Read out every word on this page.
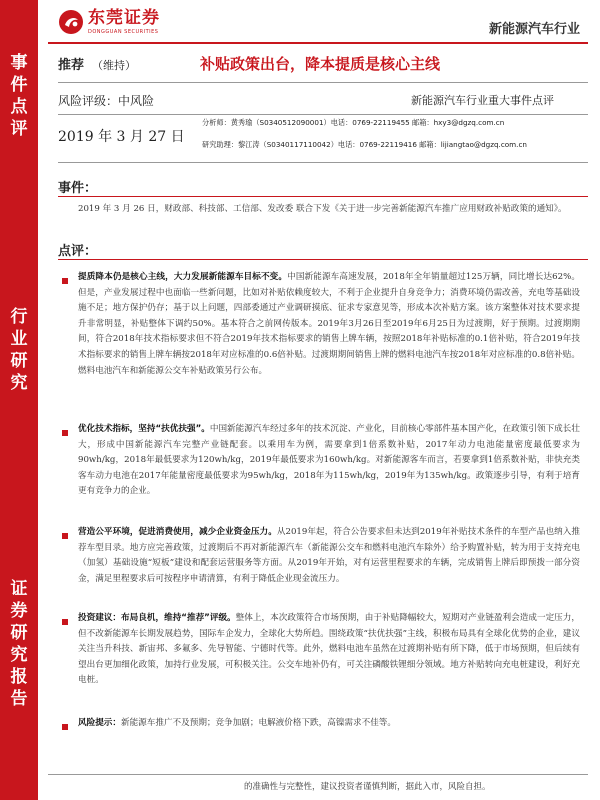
事
件
点
评
行
业
研
究
证
券
研
究
报
告
东莞证券
DONGGUAN SECURITIES	新能源汽车行业
推荐 （维持）	补贴政策出台，降本提质是核心主线
风险评级：中风险	新能源汽车行业重大事件点评
2019 年 3 月 27 日
分析师：黄秀瑜（S0340512090001）电话：0769-22119455 邮箱：hxy3@dgzq.com.cn
研究助理：黎江涛（S0340117110042）电话：0769-22119416 邮箱：lijiangtao@dgzq.com.cn
事件：
2019 年 3 月 26 日，财政部、科技部、工信部、发改委 联合下发《关于进一步完善新能源汽车推广应用财政补贴政策的通知》。
点评：
提质降本仍是核心主线，大力发展新能源车目标不变。中国新能源车高速发展，2018年全年销量超过125万辆，同比增长达62%。但是，产业发展过程中也面临一些新问题，比如对补贴依赖度较大，不利于企业提升自身竞争力；消费环境仍需改善，充电等基础设施不足；地方保护仍存；基于以上问题，四部委通过产业调研摸底、征求专家意见等，形成本次补贴方案。该方案整体对技术要求提升非常明显，补贴整体下调约50%。基本符合之前网传版本。2019年3月26日至2019年6月25日为过渡期，好于预期。过渡期期间，符合2018年技术指标要求但不符合2019年技术指标要求的销售上牌车辆，按照2018年补贴标准的0.1倍补贴，符合2019年技术指标要求的销售上牌车辆按2018年对应标准的0.6倍补贴。过渡期期间销售上牌的燃料电池汽车按2018年对应标准的0.8倍补贴。燃料电池汽车和新能源公交车补贴政策另行公布。
优化技术指标，坚持“扶优扶强”。中国新能源汽车经过多年的技术沉淀、产业化，目前核心零部件基本国产化，在政策引领下成长壮大，形成中国新能源汽车完整产业链配套。以乘用车为例，需要拿到1倍系数补贴，2017年动力电池能量密度最低要求为90wh/kg，2018年最低要求为120wh/kg，2019年最低要求为160wh/kg。对新能源客车而言，若要拿到1倍系数补贴，非快充类客车动力电池在2017年能量密度最低要求为95wh/kg，2018年为115wh/kg，2019年为135wh/kg。政策逐步引导，有利于培育更有竞争力的企业。
营造公平环境，促进消费使用，减少企业资金压力。从2019年起，符合公告要求但未达到2019年补贴技术条件的车型产品也纳入推荐车型目录。地方应完善政策，过渡期后不再对新能源汽车（新能源公交车和燃料电池汽车除外）给予购置补贴，转为用于支持充电（加氢）基础设施“短板”建设和配套运营服务等方面。从2019年开始，对有运营里程要求的车辆，完成销售上牌后即预拨一部分资金，满足里程要求后可按程序申请清算，有利于降低企业现金流压力。
投资建议：布局良机，维持“推荐”评级。整体上，本次政策符合市场预期，由于补贴降幅较大，短期对产业链盈利会造成一定压力，但不改新能源车长期发展趋势，国际车企发力，全球化大势所趋。围绕政策“扶优扶强”主线，积极布局具有全球化优势的企业，建议关注当升科技、新宙邦、多氟多、先导智能、宁德时代等。此外，燃料电池车虽然在过渡期补贴有所下降，低于市场预期，但后续有望出台更加细化政策，加持行业发展，可积极关注。公交车地补仍有，可关注磷酸铁锂细分领域。地方补贴转向充电桩建设，利好充电桩。
风险提示：新能源车推广不及预期；竞争加剧；电解液价格下跌，高镍需求不佳等。
的准确性与完整性，建议投资者谨慎判断，据此入市，风险自担。
